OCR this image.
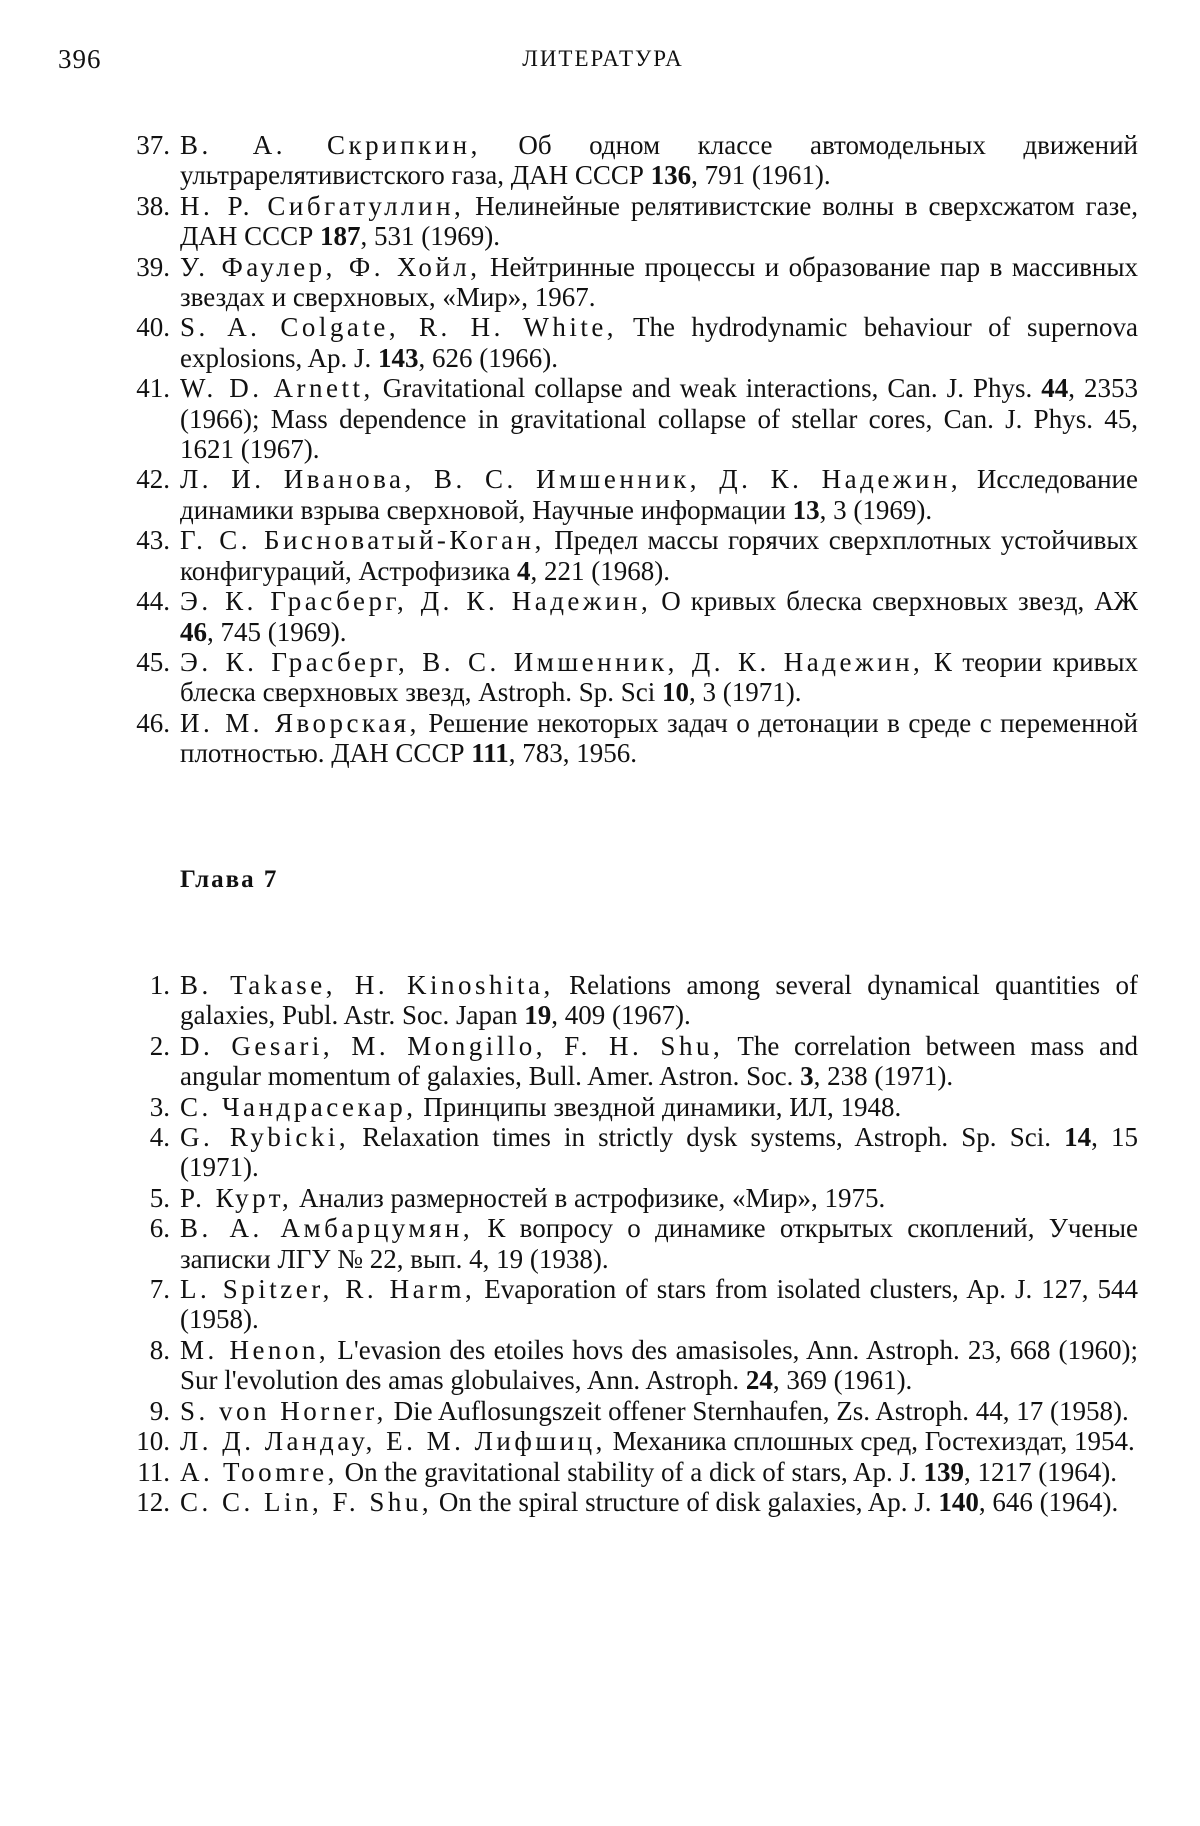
396	ЛИТЕРАТУРА
37. В. А. Скрипкин, Об одном классе автомодельных движений ультрарелятивистского газа, ДАН СССР 136, 791 (1961).
38. Н. Р. Сибгатуллин, Нелинейные релятивистские волны в сверхсжатом газе, ДАН СССР 187, 531 (1969).
39. У. Фаулер, Ф. Хойл, Нейтринные процессы и образование пар в массивных звездах и сверхновых, «Мир», 1967.
40. S. A. Colgate, R. H. White, The hydrodynamic behaviour of supernova explosions, Ap. J. 143, 626 (1966).
41. W. D. Arnett, Gravitational collapse and weak interactions, Can. J. Phys. 44, 2353 (1966); Mass dependence in gravitational collapse of stellar cores, Can. J. Phys. 45, 1621 (1967).
42. Л. И. Иванова, В. С. Имшенник, Д. К. Надежин, Исследование динамики взрыва сверхновой, Научные информации 13, 3 (1969).
43. Г. С. Бисноватый-Коган, Предел массы горячих сверхплотных устойчивых конфигураций, Астрофизика 4, 221 (1968).
44. Э. К. Грасберг, Д. К. Надежин, О кривых блеска сверхновых звезд, АЖ 46, 745 (1969).
45. Э. К. Грасберг, В. С. Имшенник, Д. К. Надежин, К теории кривых блеска сверхновых звезд, Astroph. Sp. Sci 10, 3 (1971).
46. И. М. Яворская, Решение некоторых задач о детонации в среде с переменной плотностью. ДАН СССР 111, 783, 1956.
Глава 7
1. B. Takase, H. Kinoshita, Relations among several dynamical quantities of galaxies, Publ. Astr. Soc. Japan 19, 409 (1967).
2. D. Gesari, M. Mongillo, F. H. Shu, The correlation between mass and angular momentum of galaxies, Bull. Amer. Astron. Soc. 3, 238 (1971).
3. С. Чандрасекар, Принципы звездной динамики, ИЛ, 1948.
4. G. Rybicki, Relaxation times in strictly dysk systems, Astroph. Sp. Sci. 14, 15 (1971).
5. Р. Курт, Анализ размерностей в астрофизике, «Мир», 1975.
6. В. А. Амбарцумян, К вопросу о динамике открытых скоплений, Ученые записки ЛГУ № 22, вып. 4, 19 (1938).
7. L. Spitzer, R. Harm, Evaporation of stars from isolated clusters, Ap. J. 127, 544 (1958).
8. M. Henon, L'evasion des etoiles hovs des amasisoles, Ann. Astroph. 23, 668 (1960); Sur l'evolution des amas globulaives, Ann. Astroph. 24, 369 (1961).
9. S. von Horner, Die Auflosungszeit offener Sternhaufen, Zs. Astroph. 44, 17 (1958).
10. Л. Д. Ландау, Е. М. Лифшиц, Механика сплошных сред, Гостехиздат, 1954.
11. A. Toomre, On the gravitational stability of a dick of stars, Ap. J. 139, 1217 (1964).
12. C. C. Lin, F. Shu, On the spiral structure of disk galaxies, Ap. J. 140, 646 (1964).
